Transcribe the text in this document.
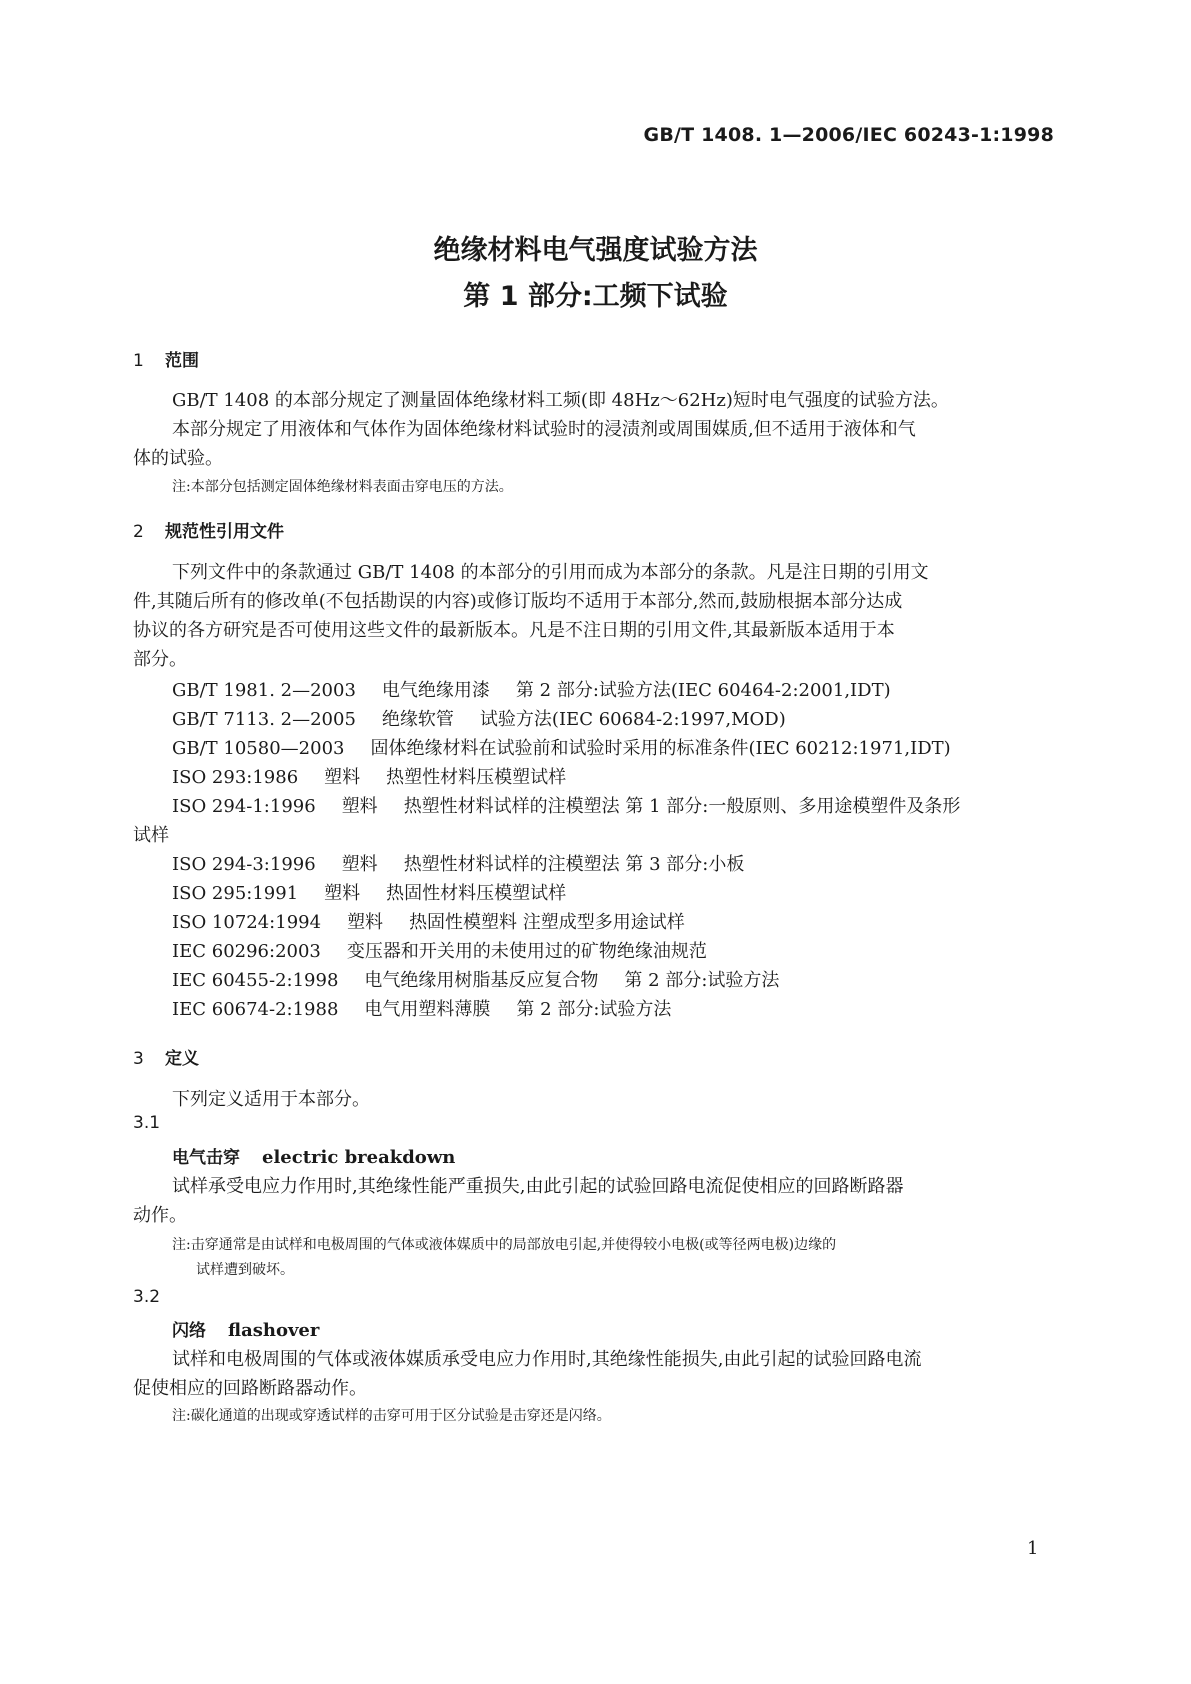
GB/T 1408. 1—2006/IEC 60243-1:1998
绝缘材料电气强度试验方法
第 1 部分:工频下试验
1 范围
GB/T 1408 的本部分规定了测量固体绝缘材料工频(即 48Hz～62Hz)短时电气强度的试验方法。
本部分规定了用液体和气体作为固体绝缘材料试验时的浸渍剂或周围媒质,但不适用于液体和气
体的试验。
注:本部分包括测定固体绝缘材料表面击穿电压的方法。
2 规范性引用文件
下列文件中的条款通过 GB/T 1408 的本部分的引用而成为本部分的条款。凡是注日期的引用文
件,其随后所有的修改单(不包括勘误的内容)或修订版均不适用于本部分,然而,鼓励根据本部分达成
协议的各方研究是否可使用这些文件的最新版本。凡是不注日期的引用文件,其最新版本适用于本
部分。
GB/T 1981. 2—2003 电气绝缘用漆 第 2 部分:试验方法(IEC 60464-2:2001,IDT)
GB/T 7113. 2—2005 绝缘软管 试验方法(IEC 60684-2:1997,MOD)
GB/T 10580—2003 固体绝缘材料在试验前和试验时采用的标准条件(IEC 60212:1971,IDT)
ISO 293:1986 塑料 热塑性材料压模塑试样
ISO 294-1:1996 塑料 热塑性材料试样的注模塑法 第 1 部分:一般原则、多用途模塑件及条形
试样
ISO 294-3:1996 塑料 热塑性材料试样的注模塑法 第 3 部分:小板
ISO 295:1991 塑料 热固性材料压模塑试样
ISO 10724:1994 塑料 热固性模塑料 注塑成型多用途试样
IEC 60296:2003 变压器和开关用的未使用过的矿物绝缘油规范
IEC 60455-2:1998 电气绝缘用树脂基反应复合物 第 2 部分:试验方法
IEC 60674-2:1988 电气用塑料薄膜 第 2 部分:试验方法
3 定义
下列定义适用于本部分。
3.1
电气击穿 electric breakdown
试样承受电应力作用时,其绝缘性能严重损失,由此引起的试验回路电流促使相应的回路断路器
动作。
注:击穿通常是由试样和电极周围的气体或液体媒质中的局部放电引起,并使得较小电极(或等径两电极)边缘的
试样遭到破坏。
3.2
闪络 flashover
试样和电极周围的气体或液体媒质承受电应力作用时,其绝缘性能损失,由此引起的试验回路电流
促使相应的回路断路器动作。
注:碳化通道的出现或穿透试样的击穿可用于区分试验是击穿还是闪络。
1
